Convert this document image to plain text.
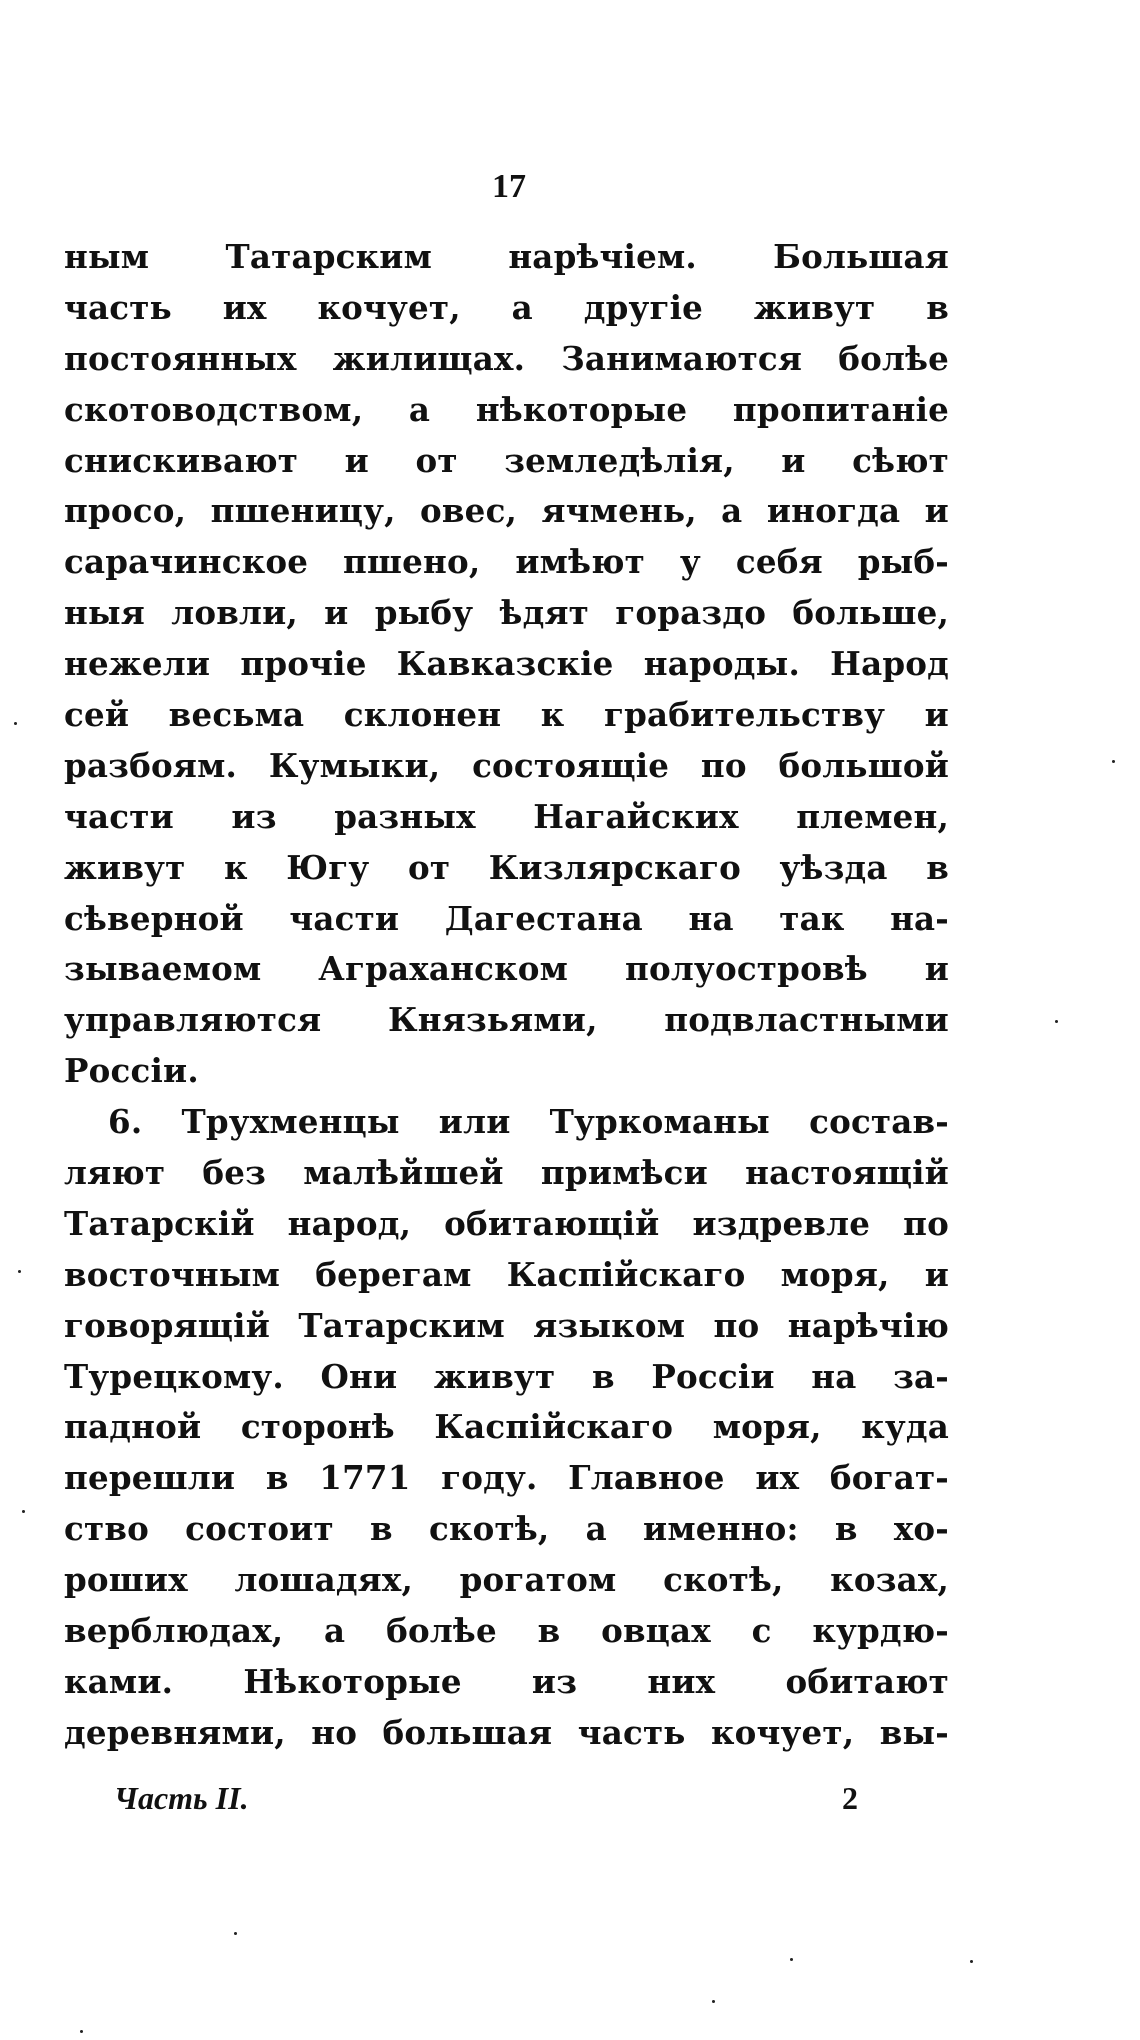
17
ным Татарским нарѣчіем. Большая
часть их кочует, а другіе живут в
постоянных жилищах. Занимаются болѣе
скотоводством, а нѣкоторые пропитаніе
снискивают и от земледѣлія, и сѣют
просо, пшеницу, овес, ячмень, а иногда и
сарачинское пшено, имѣют у себя рыб-
ныя ловли, и рыбу ѣдят гораздо больше,
нежели прочіе Кавказскіе народы. Народ
сей весьма склонен к грабительству и
разбоям. Кумыки, состоящіе по большой
части из разных Нагайских племен,
живут к Югу от Кизлярскаго уѣзда в
сѣверной части Дагестана на так на-
зываемом Аграханском полуостровѣ и
управляются Князьями, подвластными
Россіи.
6. Трухменцы или Туркоманы состав-
ляют без малѣйшей примѣси настоящій
Татарскій народ, обитающій издревле по
восточным берегам Каспійскаго моря, и
говорящій Татарским языком по нарѣчію
Турецкому. Они живут в Россіи на за-
падной сторонѣ Каспійскаго моря, куда
перешли в 1771 году. Главное их богат-
ство состоит в скотѣ, а именно: в хо-
роших лошадях, рогатом скотѣ, козах,
верблюдах, а болѣе в овцах с курдю-
ками. Нѣкоторые из них обитают
деревнями, но большая часть кочует, вы-
Часть II.	2
